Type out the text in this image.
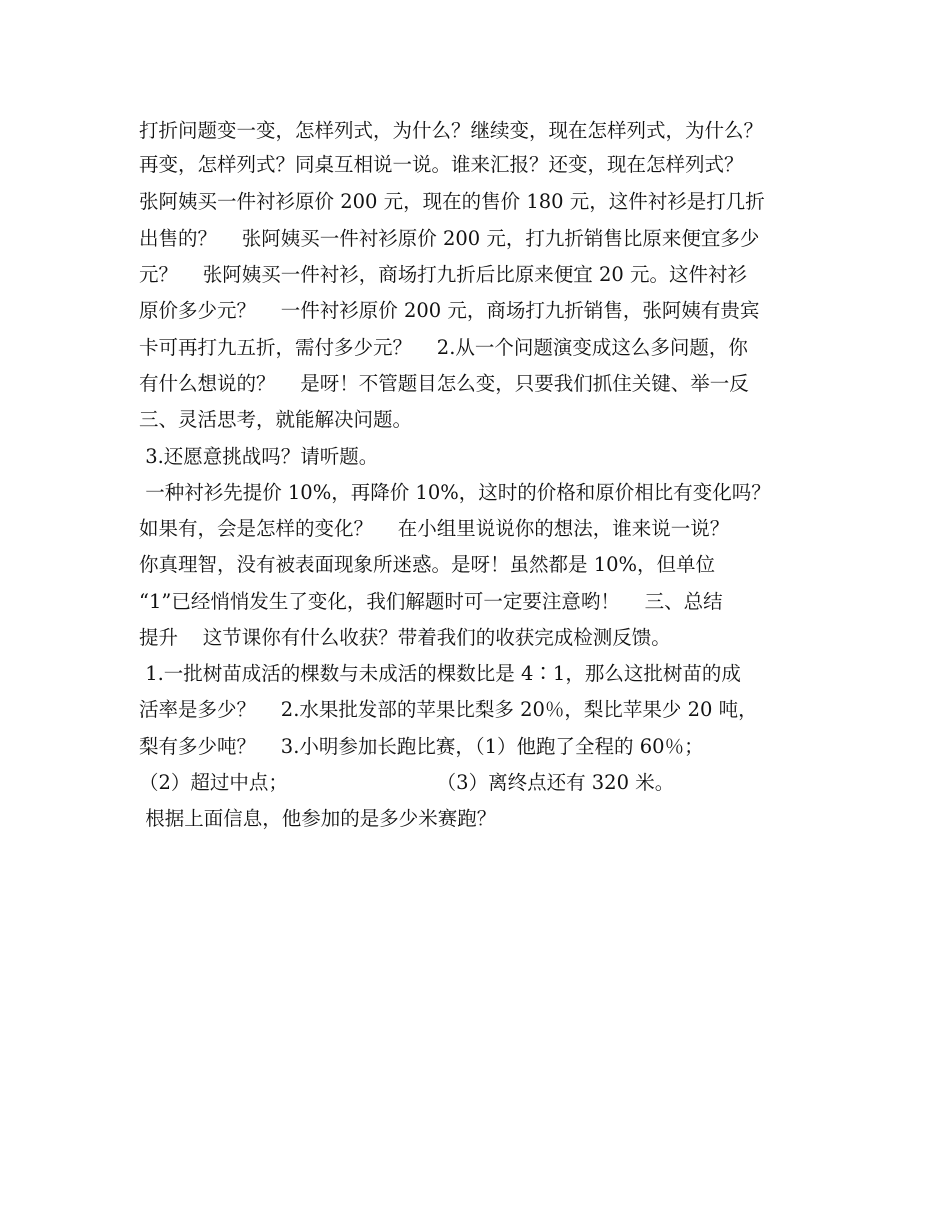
打折问题变一变，怎样列式，为什么？继续变，现在怎样列式，为什么？
再变，怎样列式？同桌互相说一说。谁来汇报？还变，现在怎样列式？
张阿姨买一件衬衫原价 200 元，现在的售价 180 元，这件衬衫是打几折
出售的？    张阿姨买一件衬衫原价 200 元，打九折销售比原来便宜多少
元？    张阿姨买一件衬衫，商场打九折后比原来便宜 20 元。这件衬衫
原价多少元？    一件衬衫原价 200 元，商场打九折销售，张阿姨有贵宾
卡可再打九五折，需付多少元？    2.从一个问题演变成这么多问题，你
有什么想说的？    是呀！不管题目怎么变，只要我们抓住关键、举一反
三、灵活思考，就能解决问题。
3.还愿意挑战吗？请听题。
一种衬衫先提价 10%，再降价 10%，这时的价格和原价相比有变化吗？
如果有，会是怎样的变化？    在小组里说说你的想法，谁来说一说？
你真理智，没有被表面现象所迷惑。是呀！虽然都是 10%，但单位
“1”已经悄悄发生了变化，我们解题时可一定要注意哟！    三、总结
提升    这节课你有什么收获？带着我们的收获完成检测反馈。
1.一批树苗成活的棵数与未成活的棵数比是 4∶1，那么这批树苗的成
活率是多少？    2.水果批发部的苹果比梨多 20％，梨比苹果少 20 吨，
梨有多少吨？    3.小明参加长跑比赛，（1）他跑了全程的 60％；
（2）超过中点；                        （3）离终点还有 320 米。
根据上面信息，他参加的是多少米赛跑？
